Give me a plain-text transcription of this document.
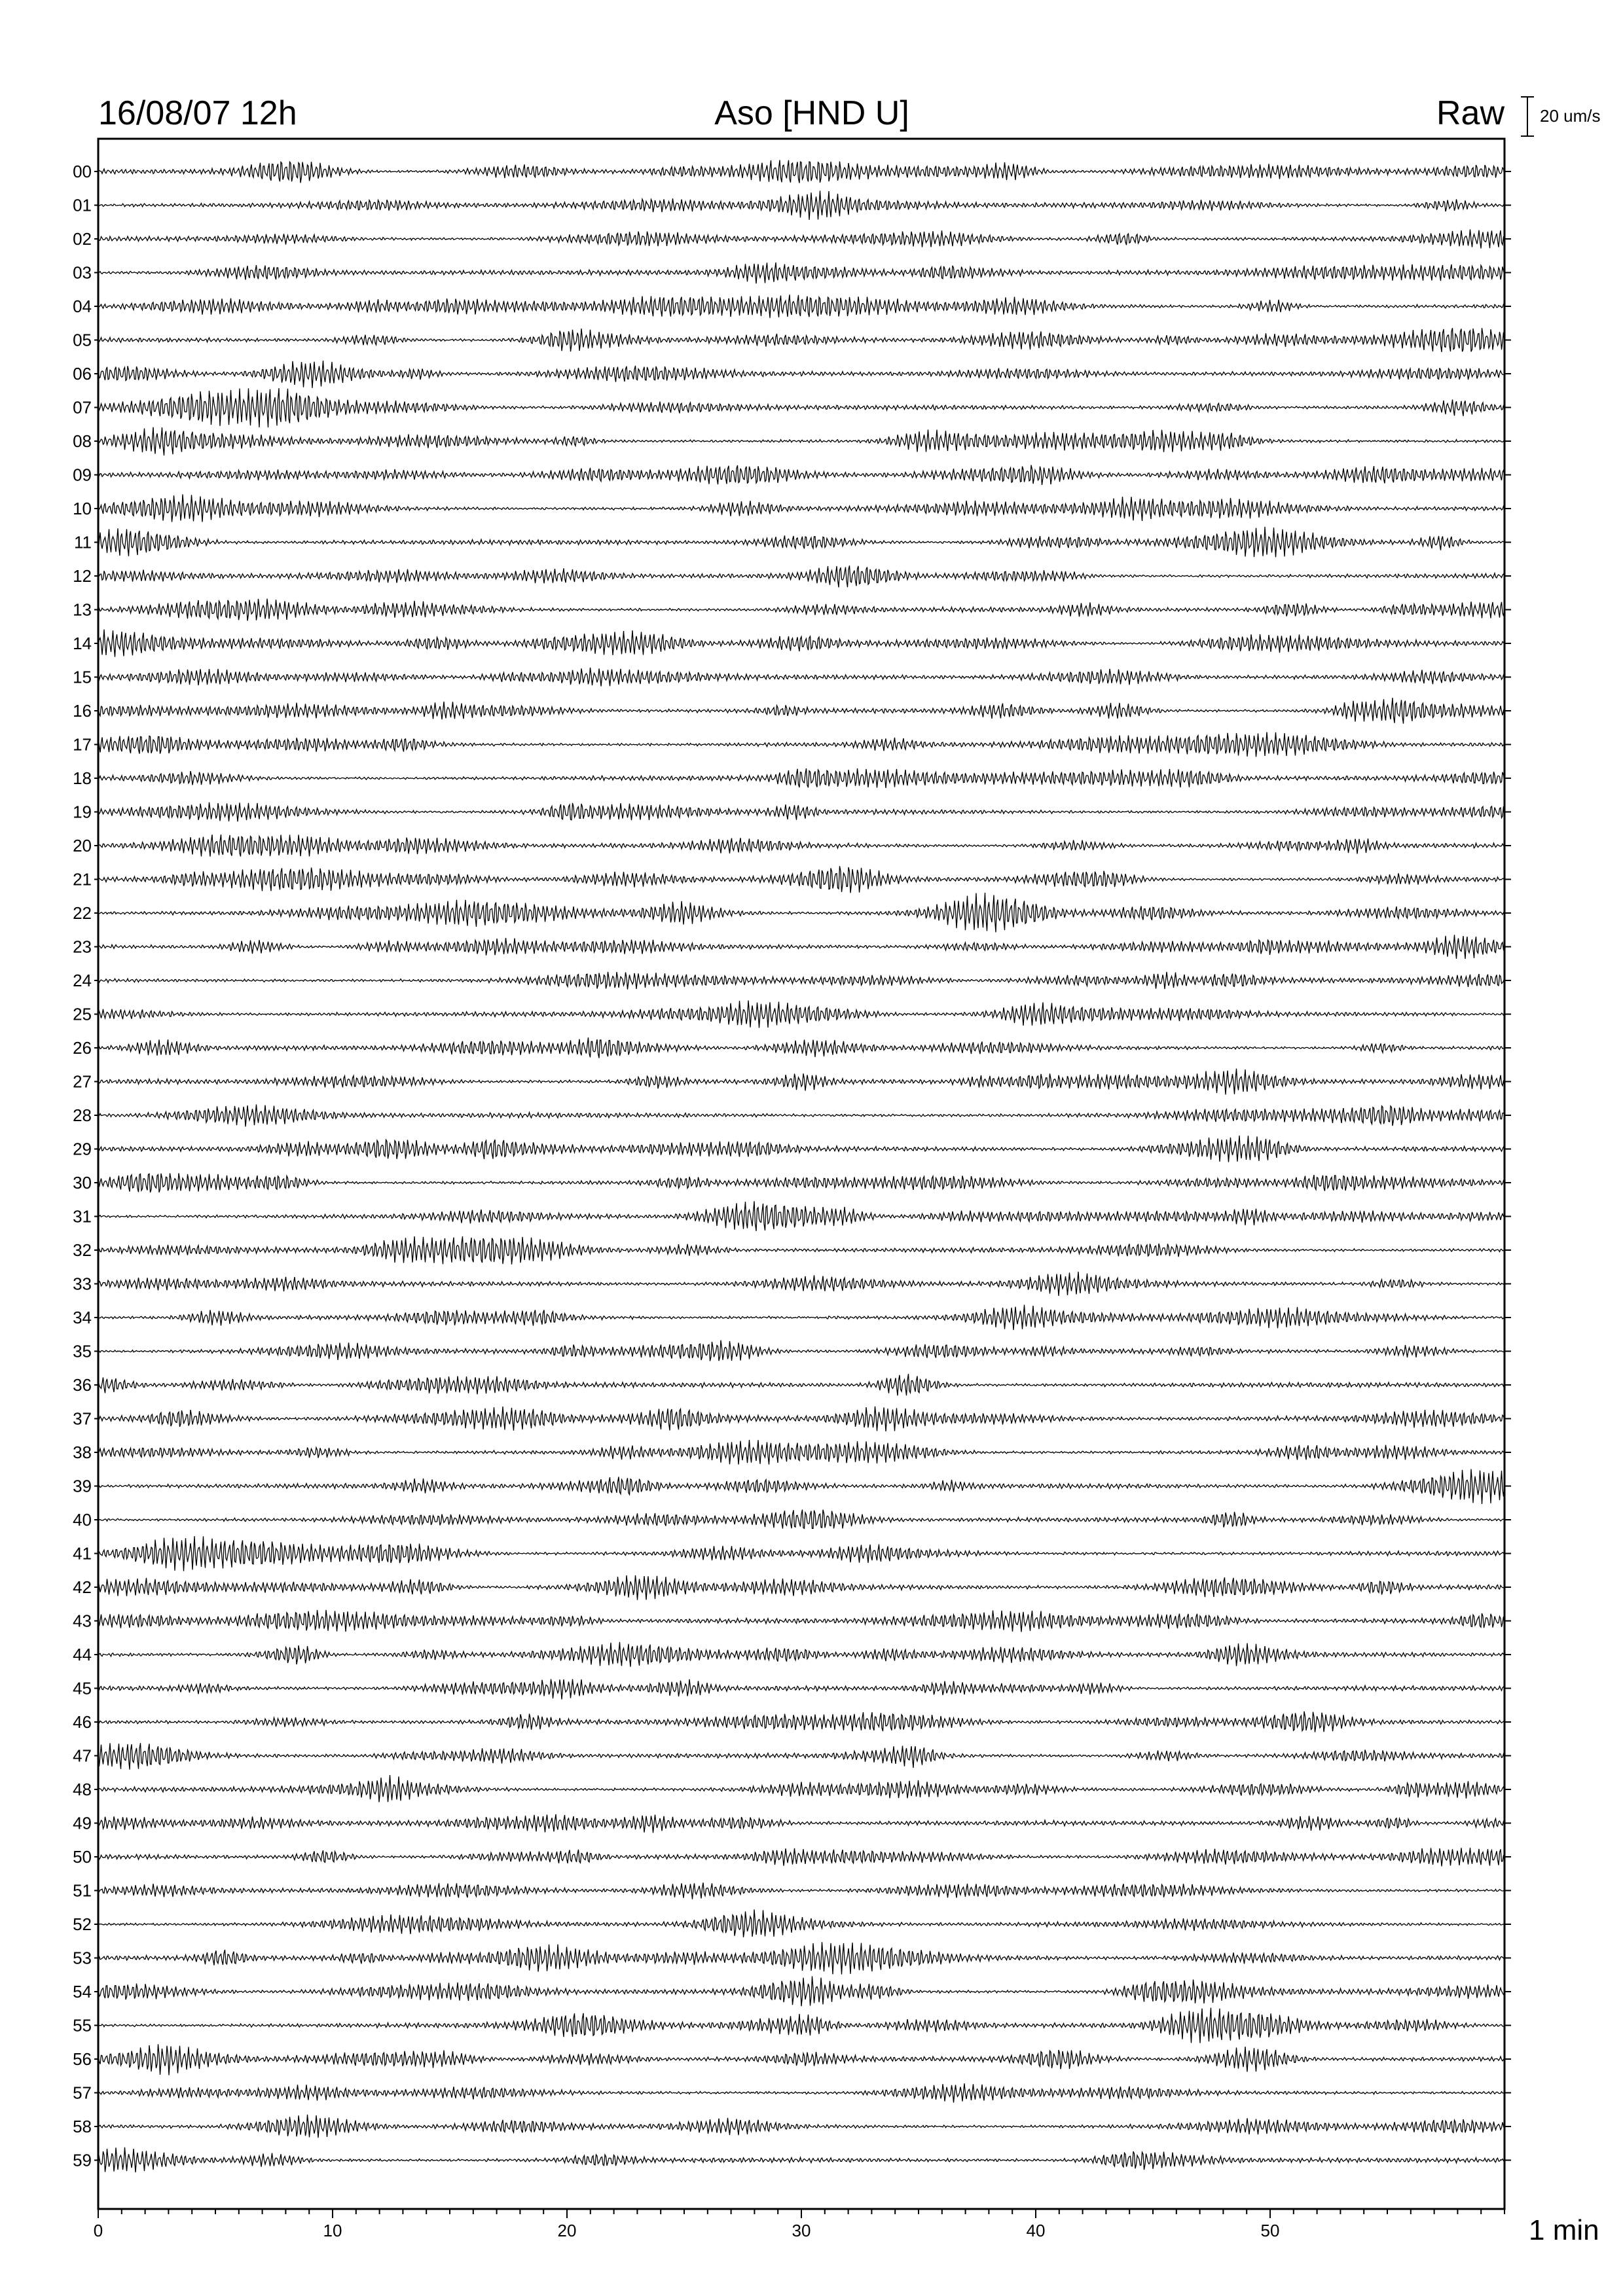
16/08/07 12h	Aso [HND U]	Raw 20 um/s
00
01
02
03
04
05
06
07
08
09
10
11
12
13
14
15
16
17
18
19
20
21
22
23
24
25
26
27
28
29
30
31
32
33
34
35
36
37
38
39
40
41
42
43
44
45
46
47
48
49
50
51
52
53
54
55
56
57
58
59
0	10	20	30	40	50	1 min
